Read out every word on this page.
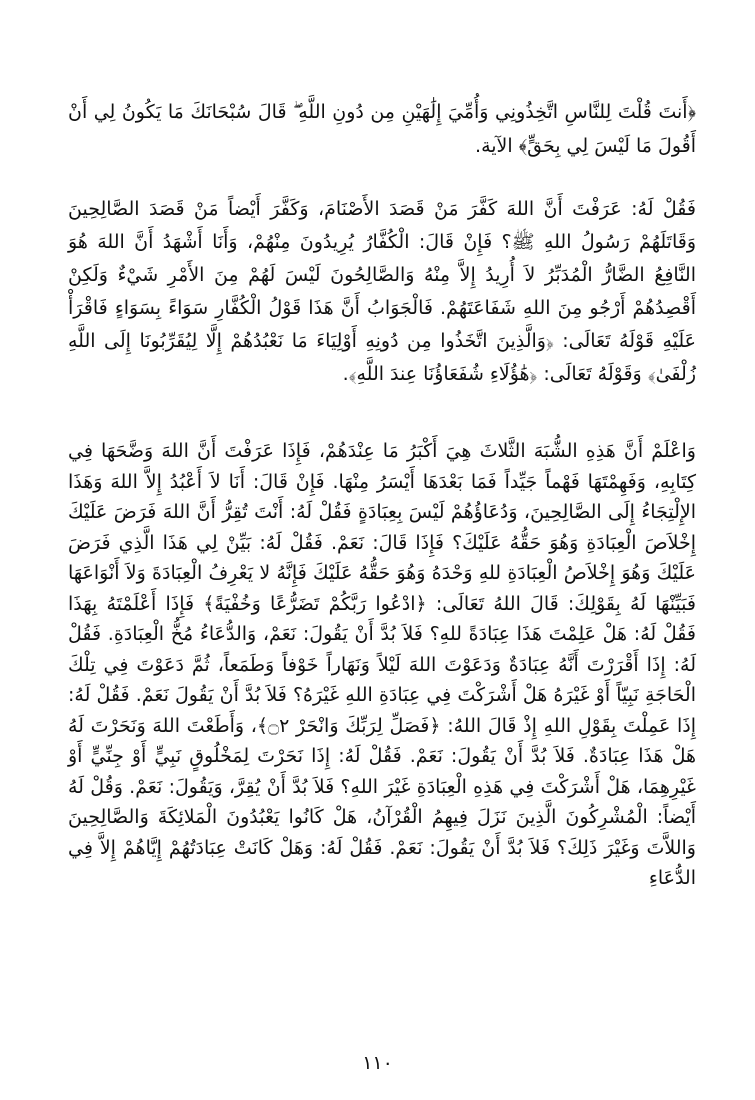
﴿أَنتَ قُلْتَ لِلنَّاسِ اتَّخِذُونِي وَأُمِّيَ إِلَٰهَيْنِ مِن دُونِ اللَّهِ ۖ قَالَ سُبْحَانَكَ مَا يَكُونُ لِي أَنْ أَقُولَ مَا لَيْسَ لِي بِحَقٍّ﴾ الآية.

فَقُلْ لَهُ: عَرَفْتَ أَنَّ اللهَ كَفَّرَ مَنْ قَصَدَ الأَصْنَامَ، وَكَفَّرَ أَيْضاً مَنْ قَصَدَ الصَّالِحِينَ وَقَاتَلَهُمْ رَسُولُ اللهِ ﷺ؟ فَإِنْ قَالَ: الْكُفَّارُ يُرِيدُونَ مِنْهُمْ، وَأَنَا أَشْهَدُ أَنَّ اللهَ هُوَ النَّافِعُ الضَّارُّ الْمُدَبِّرُ لاَ أُرِيدُ إِلاَّ مِنْهُ وَالصَّالِحُونَ لَيْسَ لَهُمْ مِنَ الأَمْرِ شَيْءٌ وَلَكِنْ أَقْصِدُهُمْ أَرْجُو مِنَ اللهِ شَفَاعَتَهُمْ. فَالْجَوَابُ أَنَّ هَذَا قَوْلُ الْكُفَّارِ سَوَاءً بِسَوَاءٍ فَاقْرَأْ عَلَيْهِ قَوْلَهُ تَعَالَى: ﴿وَالَّذِينَ اتَّخَذُوا مِن دُونِهِ أَوْلِيَاءَ مَا نَعْبُدُهُمْ إِلَّا لِيُقَرِّبُونَا إِلَى اللَّهِ زُلْفَىٰ﴾ وَقَوْلَهُ تَعَالَى: ﴿هَٰؤُلَاءِ شُفَعَاؤُنَا عِندَ اللَّهِ﴾.

وَاعْلَمْ أَنَّ هَذِهِ الشُّبَهَ الثَّلاثَ هِيَ أَكْبَرُ مَا عِنْدَهُمْ، فَإِذَا عَرَفْتَ أَنَّ اللهَ وَضَّحَهَا فِي كِتَابِهِ، وَفَهِمْتَهَا فَهْماً جَيِّداً فَمَا بَعْدَهَا أَيْسَرُ مِنْهَا. فَإِنْ قَالَ: أَنَا لاَ أَعْبُدُ إِلاَّ اللهَ وَهَذَا الإِلْتِجَاءُ إِلَى الصَّالِحِينَ، وَدُعَاؤُهُمْ لَيْسَ بِعِبَادَةٍ فَقُلْ لَهُ: أَنْتَ تُقِرُّ أَنَّ اللهَ فَرَضَ عَلَيْكَ إِخْلاَصَ الْعِبَادَةِ وَهُوَ حَقُّهُ عَلَيْكَ؟ فَإِذَا قَالَ: نَعَمْ. فَقُلْ لَهُ: بَيِّنْ لِي هَذَا الَّذِي فَرَضَ عَلَيْكَ وَهُوَ إِخْلاَصُ الْعِبَادَةِ للهِ وَحْدَهُ وَهُوَ حَقُّهُ عَلَيْكَ فَإِنَّهُ لا يَعْرِفُ الْعِبَادَةَ وَلاَ أَنْوَاعَهَا فَبَيِّنْهَا لَهُ بِقَوْلِكَ: قَالَ اللهُ تَعَالَى: ﴿ادْعُوا رَبَّكُمْ تَضَرُّعًا وَخُفْيَةً﴾ فَإِذَا أَعْلَمْتَهُ بِهَذَا فَقُلْ لَهُ: هَلْ عَلِمْتَ هَذَا عِبَادَةً للهِ؟ فَلاَ بُدَّ أَنْ يَقُولَ: نَعَمْ، وَالدُّعَاءُ مُخُّ الْعِبَادَةِ. فَقُلْ لَهُ: إِذَا أَقْرَرْتَ أَنَّهُ عِبَادَةٌ وَدَعَوْتَ اللهَ لَيْلاً وَنَهَاراً خَوْفاً وَطَمَعاً، ثُمَّ دَعَوْتَ فِي تِلْكَ الْحَاجَةِ نَبِيّاً أَوْ غَيْرَهُ هَلْ أَشْرَكْتَ فِي عِبَادَةِ اللهِ غَيْرَهُ؟ فَلاَ بُدَّ أَنْ يَقُولَ نَعَمْ. فَقُلْ لَهُ: إِذَا عَمِلْتَ بِقَوْلِ اللهِ إِذْ قَالَ اللهُ: ﴿فَصَلِّ لِرَبِّكَ وَانْحَرْ ۝٢﴾، وَأَطَعْتَ اللهَ وَنَحَرْتَ لَهُ هَلْ هَذَا عِبَادَةٌ. فَلاَ بُدَّ أَنْ يَقُولَ: نَعَمْ. فَقُلْ لَهُ: إِذَا نَحَرْتَ لِمَخْلُوقٍ نَبِيٍّ أَوْ جِنِّيٍّ أَوْ غَيْرِهِمَا، هَلْ أَشْرَكْتَ فِي هَذِهِ الْعِبَادَةِ غَيْرَ اللهِ؟ فَلاَ بُدَّ أَنْ يُقِرَّ، وَيَقُولَ: نَعَمْ. وَقُلْ لَهُ أَيْضاً: الْمُشْرِكُونَ الَّذِينَ نَزَلَ فِيهِمُ الْقُرْآنُ، هَلْ كَانُوا يَعْبُدُونَ الْمَلائِكَةَ وَالصَّالِحِينَ وَاللاَّتَ وَغَيْرَ ذَلِكَ؟ فَلاَ بُدَّ أَنْ يَقُولَ: نَعَمْ. فَقُلْ لَهُ: وَهَلْ كَانَتْ عِبَادَتُهُمْ إِيَّاهُمْ إِلاَّ فِي الدُّعَاءِ

١١٠
